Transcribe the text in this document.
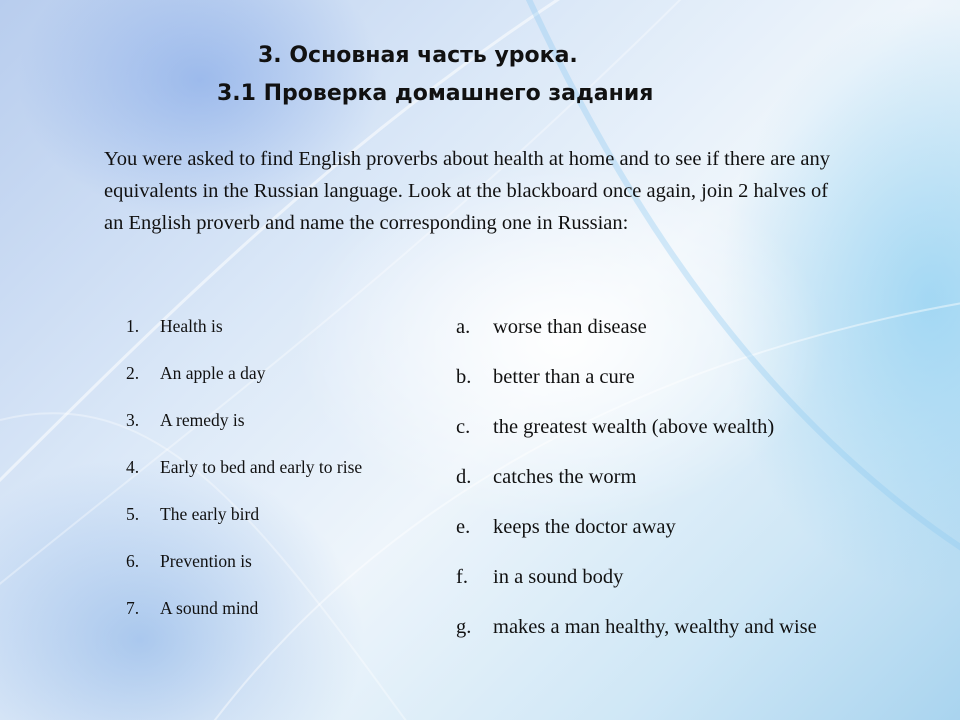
3. Основная часть урока.
3.1 Проверка домашнего задания
You were asked to find English proverbs about health at home and to see if there are any equivalents in the Russian language. Look at the blackboard once again, join 2 halves of an English proverb and name the corresponding one in Russian:
1.	Health is
2.	An apple a day
3.	A remedy is
4.	Early to bed and early to rise
5.	The early bird
6.	Prevention is
7.	A sound mind
a.	worse than disease
b.	better than a cure
c.	the greatest wealth (above wealth)
d.	catches the worm
e.	keeps the doctor away
f.	in a sound body
g.	makes a man healthy, wealthy and wise
